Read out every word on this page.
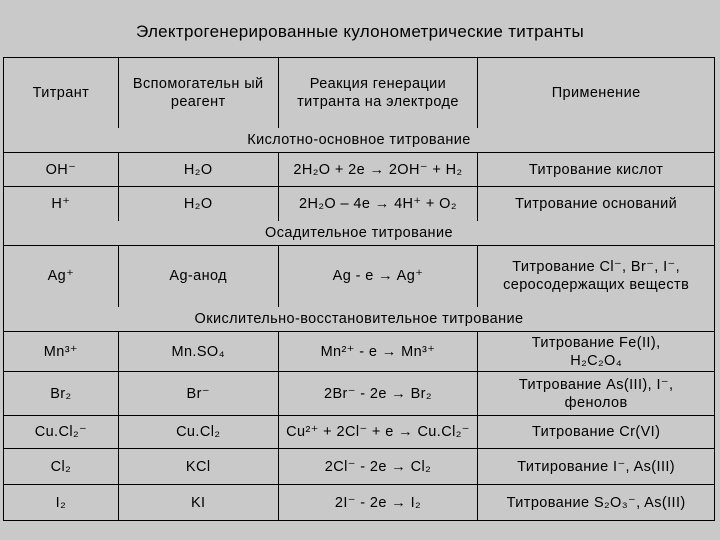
Электрогенерированные кулонометрические титранты
Титрант	Вспомогательн ый реагент	Реакция генерации титранта на электроде	Применение
Кислотно-основное титрование			
OH⁻	H₂O	2H₂O + 2e → 2OH⁻ + H₂	Титрование кислот
H⁺	H₂O	2H₂O – 4e → 4H⁺ + O₂	Титрование оснований
Осадительное титрование			
Ag⁺	Ag-анод	Ag - e → Ag⁺	Титрование Cl⁻, Br⁻, I⁻, серосодержащих веществ
Окислительно-восстановительное титрование			
Mn³⁺	Mn.SO₄	Mn²⁺ - e → Mn³⁺	Титрование Fe(II), H₂C₂O₄
Br₂	Br⁻	2Br⁻ - 2e → Br₂	Титрование As(III), I⁻, фенолов
Cu.Cl₂⁻	Cu.Cl₂	Cu²⁺ + 2Cl⁻ + e → Cu.Cl₂⁻	Титрование Cr(VI)
Cl₂	KCl	2Cl⁻ - 2e → Cl₂	Титирование I⁻, As(III)
I₂	KI	2I⁻ - 2e → I₂	Титрование S₂O₃⁻, As(III)
